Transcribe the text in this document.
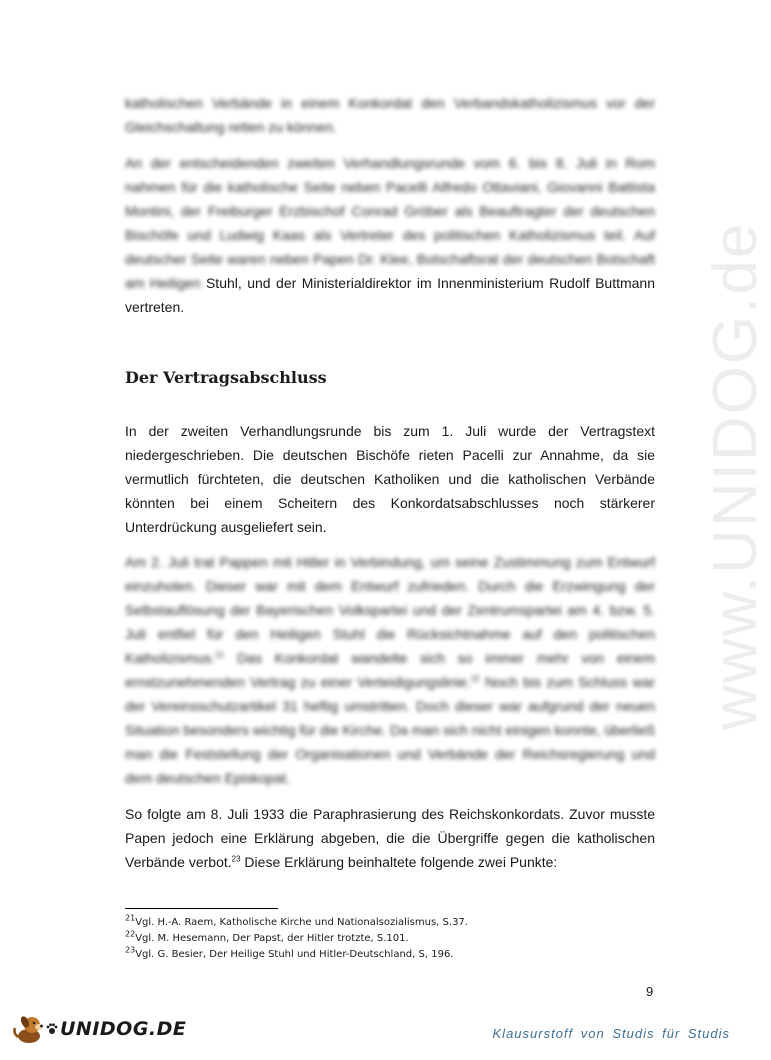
www.UNIDOG.de

katholischen Verbände in einem Konkordat den Verbandskatholizismus vor der Gleichschaltung retten zu können.

An der entscheidenden zweiten Verhandlungsrunde vom 6. bis 8. Juli in Rom nahmen für die katholische Seite neben Pacelli Alfredo Ottaviani, Giovanni Battista Montini, der Freiburger Erzbischof Conrad Gröber als Beauftragter der deutschen Bischöfe und Ludwig Kaas als Vertreter des politischen Katholizismus teil. Auf deutscher Seite waren neben Papen Dr. Klee, Botschaftsrat der deutschen Botschaft am Heiligen Stuhl, und der Ministerialdirektor im Innenministerium Rudolf Buttmann vertreten.

Der Vertragsabschluss

In der zweiten Verhandlungsrunde bis zum 1. Juli wurde der Vertragstext niedergeschrieben. Die deutschen Bischöfe rieten Pacelli zur Annahme, da sie vermutlich fürchteten, die deutschen Katholiken und die katholischen Verbände könnten bei einem Scheitern des Konkordatsabschlusses noch stärkerer Unterdrückung ausgeliefert sein.

Am 2. Juli trat Pappen mit Hitler in Verbindung, um seine Zustimmung zum Entwurf einzuholen. Dieser war mit dem Entwurf zufrieden. Durch die Erzwingung der Selbstauflösung der Bayerischen Volkspartei und der Zentrumspartei am 4. bzw. 5. Juli entfiel für den Heiligen Stuhl die Rücksichtnahme auf den politischen Katholizismus.$^{21}$ Das Konkordat wandelte sich so immer mehr von einem ernstzunehmenden Vertrag zu einer Verteidigungslinie.$^{22}$ Noch bis zum Schluss war der Vereinsschutzartikel 31 heftig umstritten. Doch dieser war aufgrund der neuen Situation besonders wichtig für die Kirche. Da man sich nicht einigen konnte, überließ man die Feststellung der Organisationen und Verbände der Reichsregierung und dem deutschen Episkopat.

So folgte am 8. Juli 1933 die Paraphrasierung des Reichskonkordats. Zuvor musste Papen jedoch eine Erklärung abgeben, die die Übergriffe gegen die katholischen Verbände verbot.$^{23}$ Diese Erklärung beinhaltete folgende zwei Punkte:

$^{21}$Vgl. H.-A. Raem, Katholische Kirche und Nationalsozialismus, S.37.

$^{22}$Vgl. M. Hesemann, Der Papst, der Hitler trotzte, S.101.

$^{23}$Vgl. G. Besier, Der Heilige Stuhl und Hitler-Deutschland, S, 196.

9

UNIDOG.DE	Klausurstoff von Studis für Studis
